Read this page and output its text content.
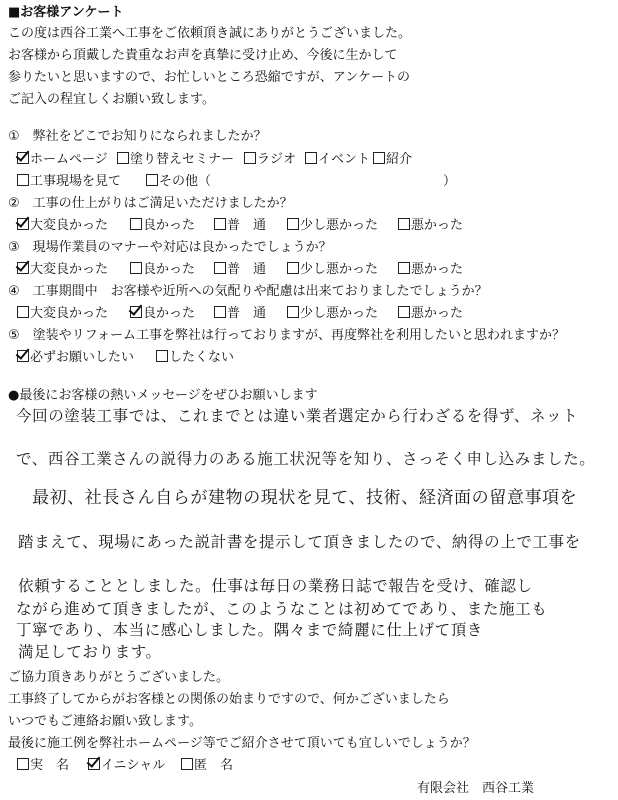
■お客様アンケート
この度は西谷工業へ工事をご依頼頂き誠にありがとうございました。
お客様から頂戴した貴重なお声を真摯に受け止め、今後に生かして
参りたいと思いますので、お忙しいところ恐縮ですが、アンケートの
ご記入の程宜しくお願い致します。
①　弊社をどこでお知りになられましたか？
ホームページ	塗り替えセミナー	ラジオ	イベント	紹介
工事現場を見て	その他（	）
②　工事の仕上がりはご満足いただけましたか？
大変良かった	良かった	普　通	少し悪かった	悪かった
③　現場作業員のマナーや対応は良かったでしょうか？
大変良かった	良かった	普　通	少し悪かった	悪かった
④　工事期間中　お客様や近所への気配りや配慮は出来ておりましたでしょうか？
大変良かった	良かった	普　通	少し悪かった	悪かった
⑤　塗装やリフォーム工事を弊社は行っておりますが、再度弊社を利用したいと思われますか？
必ずお願いしたい	したくない
●最後にお客様の熱いメッセージをぜひお願いします
今回の塗装工事では、これまでとは違い業者選定から行わざるを得ず、ネット
で、西谷工業さんの説得力のある施工状況等を知り、さっそく申し込みました。
最初、社長さん自らが建物の現状を見て、技術、経済面の留意事項を
踏まえて、現場にあった説計書を提示して頂きましたので、納得の上で工事を
依頼することとしました。仕事は毎日の業務日誌で報告を受け、確認し
ながら進めて頂きましたが、このようなことは初めてであり、また施工も
丁寧であり、本当に感心しました。隅々まで綺麗に仕上げて頂き
満足しております。
ご協力頂きありがとうございました。
工事終了してからがお客様との関係の始まりですので、何かございましたら
いつでもご連絡お願い致します。
最後に施工例を弊社ホームページ等でご紹介させて頂いても宜しいでしょうか？
実　名	イニシャル	匿　名
有限会社　西谷工業
